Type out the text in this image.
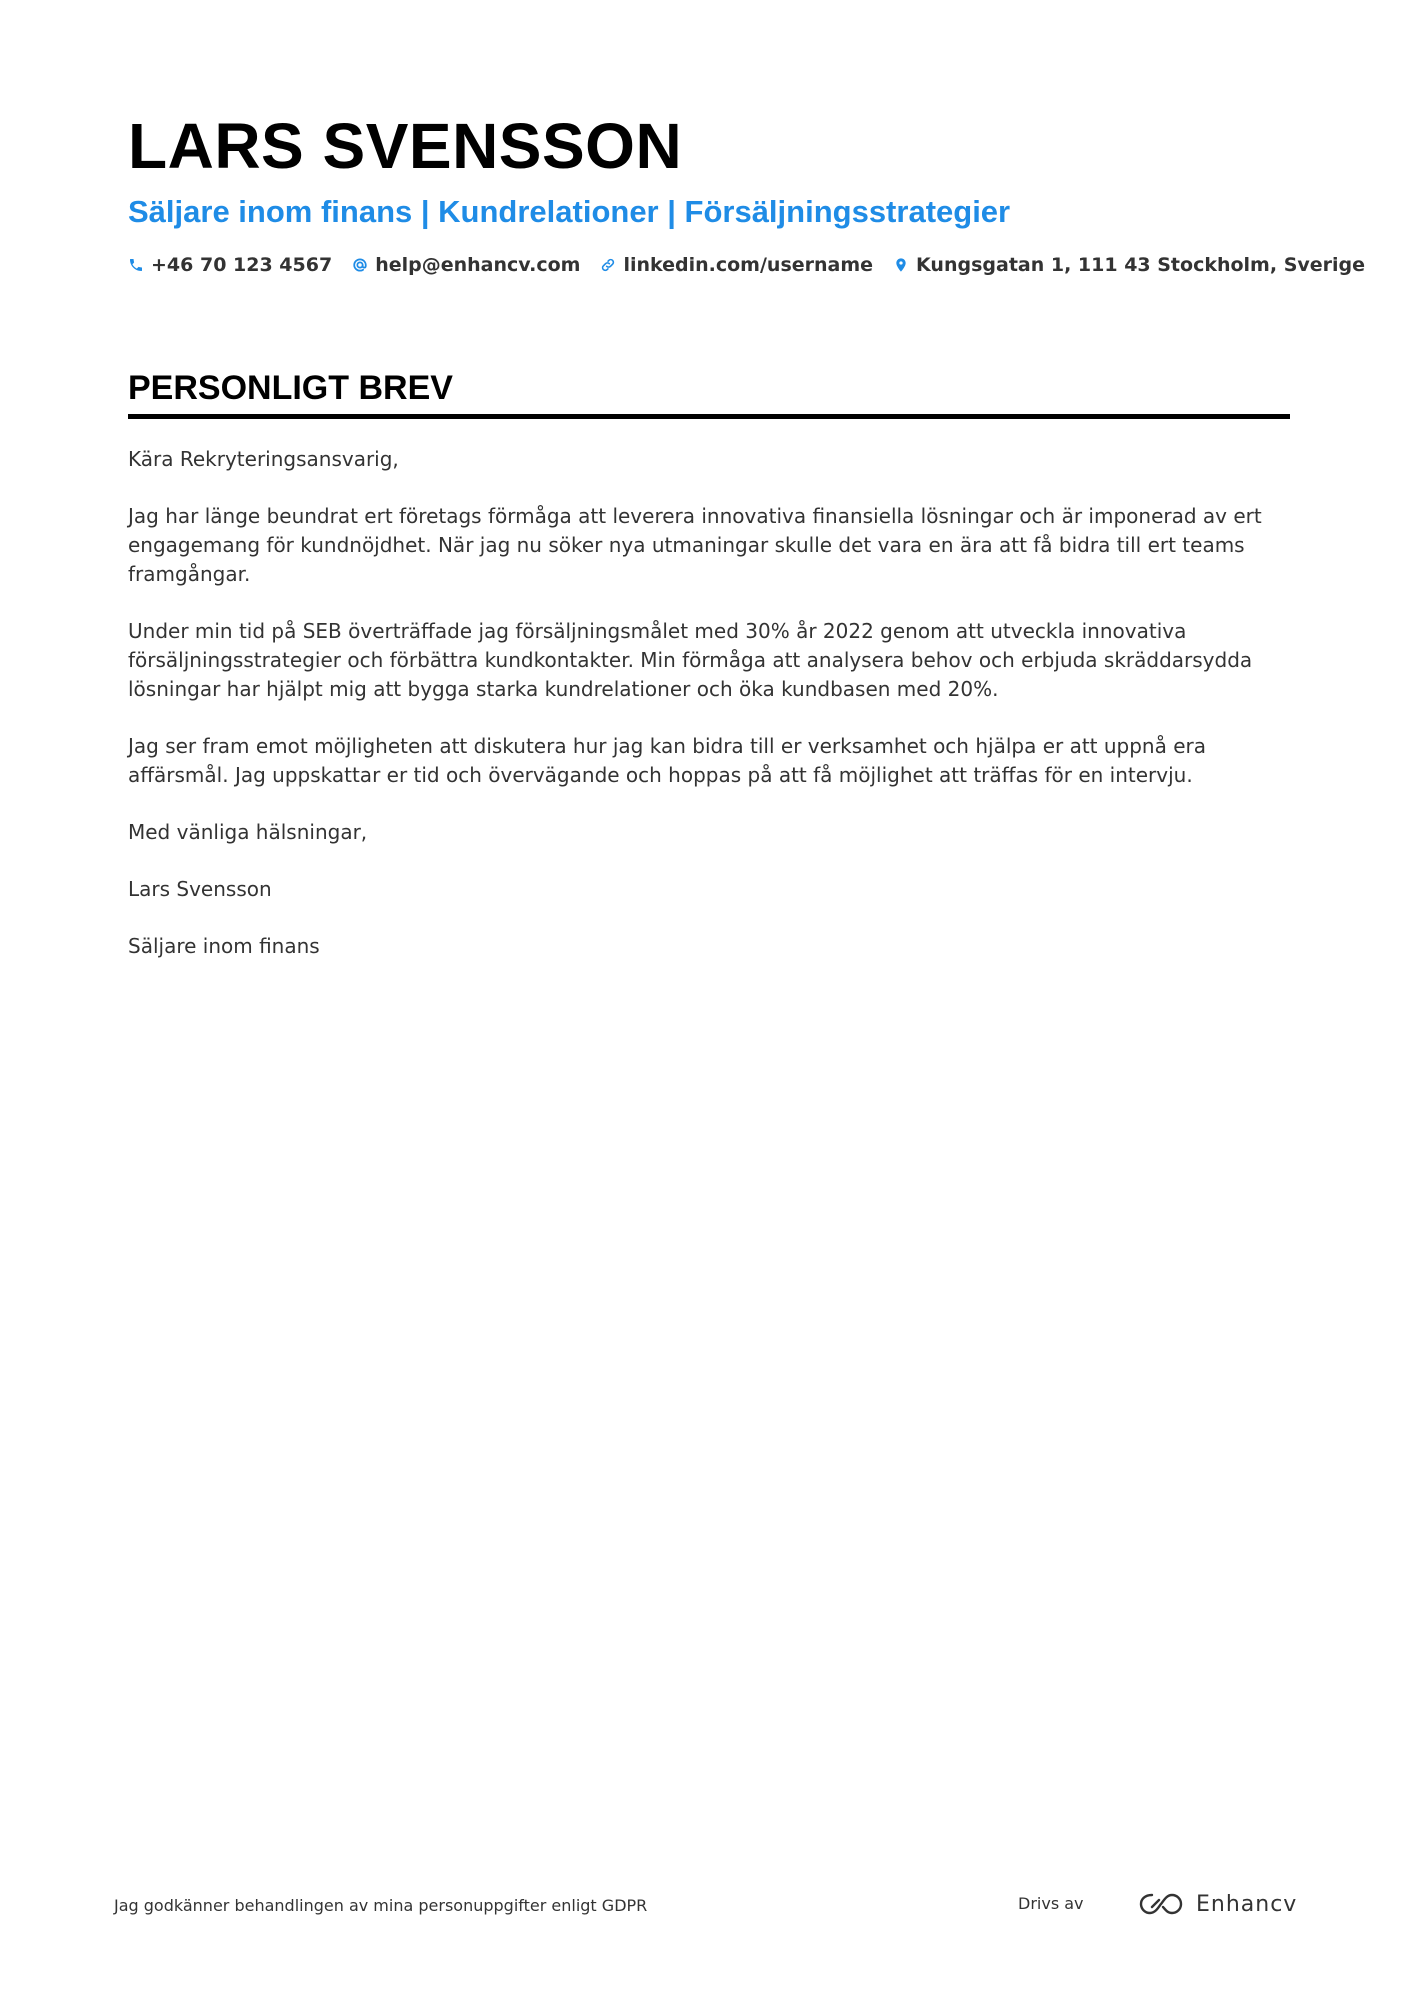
LARS SVENSSON
Säljare inom finans | Kundrelationer | Försäljningsstrategier
+46 70 123 4567 help@enhancv.com linkedin.com/username Kungsgatan 1, 111 43 Stockholm, Sverige
PERSONLIGT BREV

Kära Rekryteringsansvarig,

Jag har länge beundrat ert företags förmåga att leverera innovativa finansiella lösningar och är imponerad av ert engagemang för kundnöjdhet. När jag nu söker nya utmaningar skulle det vara en ära att få bidra till ert teams framgångar.

Under min tid på SEB överträffade jag försäljningsmålet med 30% år 2022 genom att utveckla innovativa försäljningsstrategier och förbättra kundkontakter. Min förmåga att analysera behov och erbjuda skräddarsydda lösningar har hjälpt mig att bygga starka kundrelationer och öka kundbasen med 20%.

Jag ser fram emot möjligheten att diskutera hur jag kan bidra till er verksamhet och hjälpa er att uppnå era affärsmål. Jag uppskattar er tid och övervägande och hoppas på att få möjlighet att träffas för en intervju.

Med vänliga hälsningar,

Lars Svensson

Säljare inom finans

Jag godkänner behandlingen av mina personuppgifter enligt GDPR	Drivs av	Enhancv
